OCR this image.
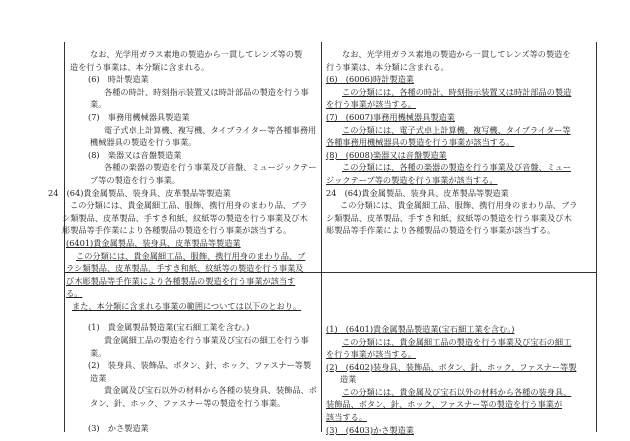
なお、光学用ガラス素地の製造から一貫してレンズ等の製
造を行う事業は、本分類に含まれる。
(6)　時計製造業
各種の時計、時刻指示装置又は時計部品の製造を行う事
業。
(7)　事務用機械器具製造業
電子式卓上計算機、複写機、タイプライター等各種事務用
機械器具の製造を行う事業。
(8)　楽器又は音盤製造業
各種の楽器の製造を行う事業及び音盤、ミュージックテー
プ等の製造を行う事業。
24　(64)貴金属製品、装身具、皮革製品等製造業
この分類には、貴金属細工品、服飾、携行用身のまわり品、ブラ
シ類製品、皮革製品、手すき和紙、紋紙等の製造を行う事業及び木
彫製品等手作業により各種製品の製造を行う事業が該当する。
(6401)貴金属製品、装身具、皮革製品等製造業
この分類には、貴金属細工品、服飾、携行用身のまわり品、ブ
ラシ類製品、皮革製品、手すき和紙、紋紙等の製造を行う事業及
び木彫製品等手作業により各種製品の製造を行う事業が該当す
る。
また、本分類に含まれる事業の範囲については以下のとおり。
(1)　貴金属製品製造業(宝石細工業を含む。)
貴金属細工品の製造を行う事業及び宝石の細工を行う事
業。
(2)　装身具、装飾品、ボタン、針、ホック、ファスナー等製
造業
貴金属及び宝石以外の材料から各種の装身具、装飾品、ボ
タン、針、ホック、ファスナー等の製造を行う事業。
(3)　かさ製造業
なお、光学用ガラス素地の製造から一貫してレンズ等の製造を
行う事業は、本分類に含まれる。
(6)　(6006)時計製造業
この分類には、各種の時計、時刻指示装置又は時計部品の製造
を行う事業が該当する。
(7)　(6007)事務用機械器具製造業
この分類には、電子式卓上計算機、複写機、タイプライター等
各種事務用機械器具の製造を行う事業が該当する。
(8)　(6008)楽器又は音盤製造業
この分類には、各種の楽器の製造を行う事業及び音盤、ミュー
ジックテープ等の製造を行う事業が該当する。
24　(64)貴金属製品、装身具、皮革製品等製造業
この分類には、貴金属細工品、服飾、携行用身のまわり品、ブラ
シ類製品、皮革製品、手すき和紙、紋紙等の製造を行う事業及び木
彫製品等手作業により各種製品の製造を行う事業が該当する。
(1)　(6401)貴金属製品製造業(宝石細工業を含む。)
この分類には、貴金属細工品の製造を行う事業及び宝石の細工
を行う事業が該当する。
(2)　(6402)装身具、装飾品、ボタン、針、ホック、ファスナー等製
造業
この分類には、貴金属及び宝石以外の材料から各種の装身具、
装飾品、ボタン、針、ホック、ファスナー等の製造を行う事業が
該当する。
(3)　(6403)かさ製造業
